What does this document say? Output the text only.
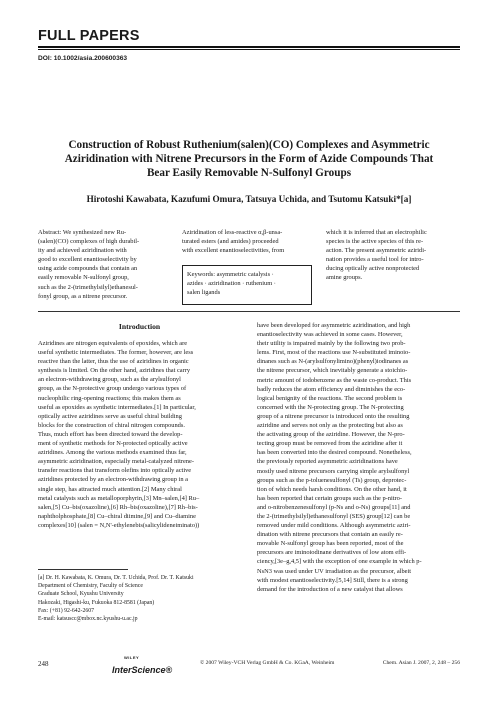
FULL PAPERS
DOI: 10.1002/asia.200600363
Construction of Robust Ruthenium(salen)(CO) Complexes and Asymmetric
Aziridination with Nitrene Precursors in the Form of Azide Compounds That
Bear Easily Removable N-Sulfonyl Groups
Hirotoshi Kawabata, Kazufumi Omura, Tatsuya Uchida, and Tsutomu Katsuki*[a]
Abstract: We synthesized new Ru-
(salen)(CO) complexes of high durabil-
ity and achieved aziridination with
good to excellent enantioselectivity by
using azide compounds that contain an
easily removable N-sulfonyl group,
such as the 2-(trimethylsilyl)ethanesul-
fonyl group, as a nitrene precursor.
Aziridination of less-reactive α,β-unsa-
turated esters (and amides) proceeded
with excellent enantioselectivities, from
Keywords: asymmetric catalysis ·
azides · aziridination · ruthenium ·
salen ligands
which it is inferred that an electrophilic
species is the active species of this re-
action. The present asymmetric aziridi-
nation provides a useful tool for intro-
ducing optically active nonprotected
amine groups.
Introduction
Aziridines are nitrogen equivalents of epoxides, which are
useful synthetic intermediates. The former, however, are less
reactive than the latter, thus the use of aziridines in organic
synthesis is limited. On the other hand, aziridines that carry
an electron-withdrawing group, such as the arylsulfonyl
group, as the N-protective group undergo various types of
nucleophilic ring-opening reactions; this makes them as
useful as epoxides as synthetic intermediates.[1] In particular,
optically active aziridines serve as useful chiral building
blocks for the construction of chiral nitrogen compounds.
Thus, much effort has been directed toward the develop-
ment of synthetic methods for N-protected optically active
aziridines. Among the various methods examined thus far,
asymmetric aziridination, especially metal-catalyzed nitrene-
transfer reactions that transform olefins into optically active
aziridines protected by an electron-withdrawing group in a
single step, has attracted much attention.[2] Many chiral
metal catalysts such as metalloporphyrin,[3] Mn–salen,[4] Ru–
salen,[5] Cu–bis(oxazoline),[6] Rh–bis(oxazoline),[7] Rh–bis-
naphtholphosphate,[8] Cu–chiral diimine,[9] and Cu–diamine
complexes[10] (salen = N,N'-ethylenebis(salicylideneiminato))
have been developed for asymmetric aziridination, and high
enantioselectivity was achieved in some cases. However,
their utility is impaired mainly by the following two prob-
lems. First, most of the reactions use N-substituted iminoio-
dinanes such as N-(arylsulfonylimino)(phenyl)iodinanes as
the nitrene precursor, which inevitably generate a stoichio-
metric amount of iodobenzene as the waste co-product. This
badly reduces the atom efficiency and diminishes the eco-
logical benignity of the reactions. The second problem is
concerned with the N-protecting group. The N-protecting
group of a nitrene precursor is introduced onto the resulting
aziridine and serves not only as the protecting but also as
the activating group of the aziridine. However, the N-pro-
tecting group must be removed from the aziridine after it
has been converted into the desired compound. Nonetheless,
the previously reported asymmetric aziridinations have
mostly used nitrene precursors carrying simple arylsulfonyl
groups such as the p-toluenesulfonyl (Ts) group, deprotec-
tion of which needs harsh conditions. On the other hand, it
has been reported that certain groups such as the p-nitro-
and o-nitrobenzenesulfonyl (p-Ns and o-Ns) groups[11] and
the 2-(trimethylsilyl)ethanesulfonyl (SES) group[12] can be
removed under mild conditions. Although asymmetric aziri-
dination with nitrene precursors that contain an easily re-
movable N-sulfonyl group has been reported, most of the
precursors are iminoiodinane derivatives of low atom effi-
ciency,[3e–g,4,5] with the exception of one example in which p-
NsN3 was used under UV irradiation as the precursor, albeit
with modest enantioselectivity.[5,14] Still, there is a strong
demand for the introduction of a new catalyst that allows
[a] Dr. H. Kawabata, K. Omura, Dr. T. Uchida, Prof. Dr. T. Katsuki
Department of Chemistry, Faculty of Science
Graduate School, Kyushu University
Hakozaki, Higashi-ku, Fukuoka 812-8581 (Japan)
Fax: (+81) 92-642-2607
E-mail: katsuscc@mbox.nc.kyushu-u.ac.jp
248
WILEY
InterScience®
© 2007 Wiley-VCH Verlag GmbH & Co. KGaA, Weinheim	Chem. Asian J. 2007, 2, 248 – 256
